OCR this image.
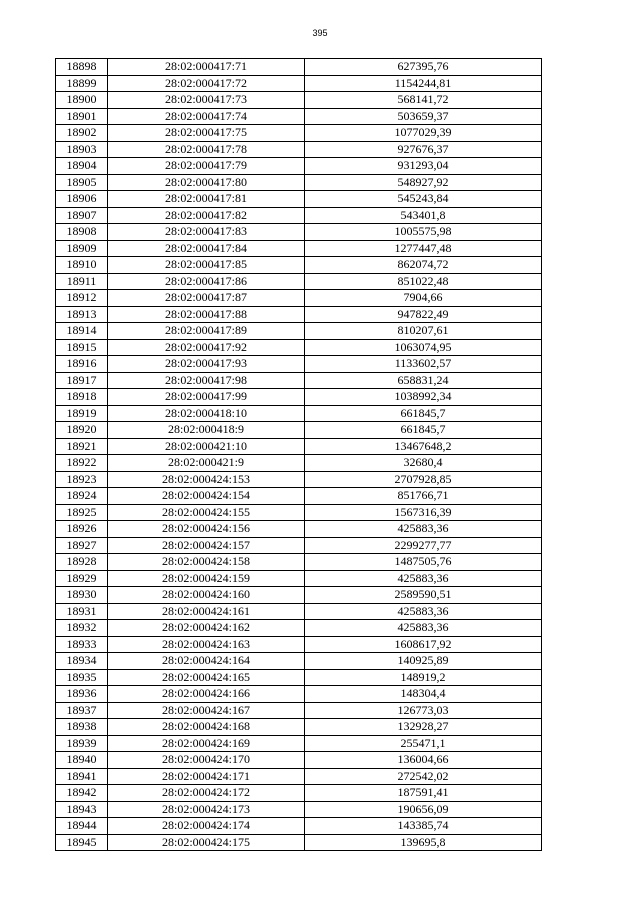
395
18898	28:02:000417:71	627395,76
18899	28:02:000417:72	1154244,81
18900	28:02:000417:73	568141,72
18901	28:02:000417:74	503659,37
18902	28:02:000417:75	1077029,39
18903	28:02:000417:78	927676,37
18904	28:02:000417:79	931293,04
18905	28:02:000417:80	548927,92
18906	28:02:000417:81	545243,84
18907	28:02:000417:82	543401,8
18908	28:02:000417:83	1005575,98
18909	28:02:000417:84	1277447,48
18910	28:02:000417:85	862074,72
18911	28:02:000417:86	851022,48
18912	28:02:000417:87	7904,66
18913	28:02:000417:88	947822,49
18914	28:02:000417:89	810207,61
18915	28:02:000417:92	1063074,95
18916	28:02:000417:93	1133602,57
18917	28:02:000417:98	658831,24
18918	28:02:000417:99	1038992,34
18919	28:02:000418:10	661845,7
18920	28:02:000418:9	661845,7
18921	28:02:000421:10	13467648,2
18922	28:02:000421:9	32680,4
18923	28:02:000424:153	2707928,85
18924	28:02:000424:154	851766,71
18925	28:02:000424:155	1567316,39
18926	28:02:000424:156	425883,36
18927	28:02:000424:157	2299277,77
18928	28:02:000424:158	1487505,76
18929	28:02:000424:159	425883,36
18930	28:02:000424:160	2589590,51
18931	28:02:000424:161	425883,36
18932	28:02:000424:162	425883,36
18933	28:02:000424:163	1608617,92
18934	28:02:000424:164	140925,89
18935	28:02:000424:165	148919,2
18936	28:02:000424:166	148304,4
18937	28:02:000424:167	126773,03
18938	28:02:000424:168	132928,27
18939	28:02:000424:169	255471,1
18940	28:02:000424:170	136004,66
18941	28:02:000424:171	272542,02
18942	28:02:000424:172	187591,41
18943	28:02:000424:173	190656,09
18944	28:02:000424:174	143385,74
18945	28:02:000424:175	139695,8
